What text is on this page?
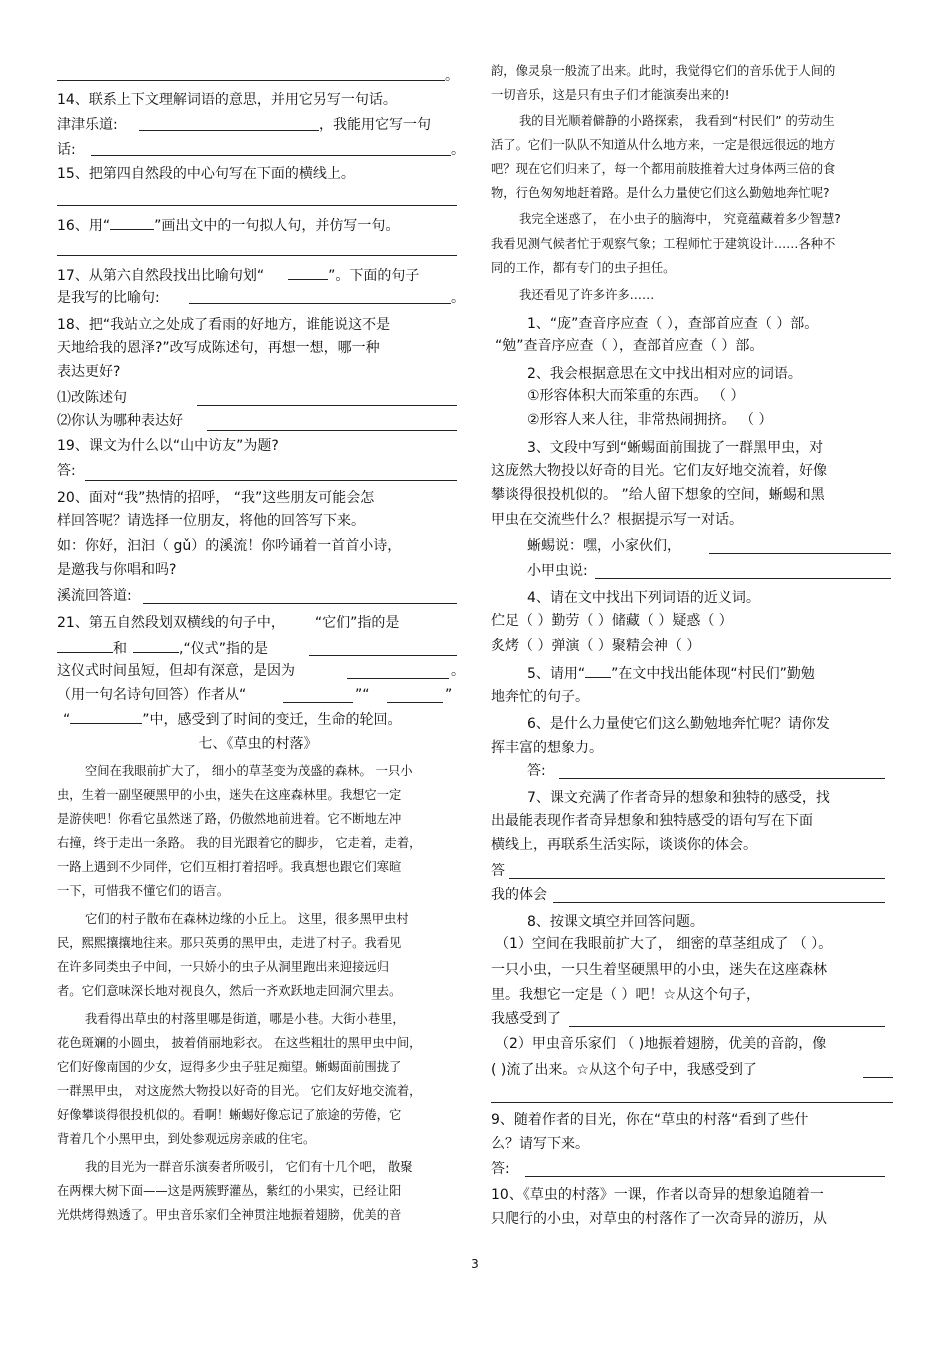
。
14、联系上下文理解词语的意思，并用它另写一句话。
津津乐道:	，我能用它写一句
话:	。
15、把第四自然段的中心句写在下面的横线上。
16、用“	”画出文中的一句拟人句，并仿写一句。
17、从第六自然段找出比喻句划“	”。下面的句子
是我写的比喻句:	。
18、把“我站立之处成了看雨的好地方，谁能说这不是
天地给我的恩泽?”改写成陈述句，再想一想，哪一种
表达更好?
⑴改陈述句
⑵你认为哪种表达好
19、课文为什么以“山中访友”为题?
答:
20、面对“我”热情的招呼， “我”这些朋友可能会怎
样回答呢？请选择一位朋友，将他的回答写下来。
如：你好，汩汩（ gǔ）的溪流！你吟诵着一首首小诗，
是邀我与你唱和吗?
溪流回答道:
21、第五自然段划双横线的句子中， “它们”指的是
和	,“仪式”指的是
这仪式时间虽短，但却有深意，是因为	。
（用一句名诗句回答）作者从“	”“	”
“	”中，感受到了时间的变迁，生命的轮回。
七、《草虫的村落》
空间在我眼前扩大了， 细小的草茎变为茂盛的森林。 一只小
虫，生着一副坚硬黑甲的小虫，迷失在这座森林里。我想它一定
是游侠吧！你看它虽然迷了路，仍傲然地前进着。它不断地左冲
右撞，终于走出一条路。 我的目光跟着它的脚步， 它走着，走着，
一路上遇到不少同伴，它们互相打着招呼。我真想也跟它们寒暄
一下，可惜我不懂它们的语言。
它们的村子散布在森林边缘的小丘上。 这里，很多黑甲虫村
民，熙熙攘攘地往来。那只英勇的黑甲虫，走进了村子。我看见
在许多同类虫子中间，一只娇小的虫子从洞里跑出来迎接远归
者。它们意味深长地对视良久，然后一齐欢跃地走回洞穴里去。
我看得出草虫的村落里哪是街道，哪是小巷。大街小巷里，
花色斑斓的小圆虫， 披着俏丽地彩衣。 在这些粗壮的黑甲虫中间，
它们好像南国的少女，逗得多少虫子驻足痴望。蜥蜴面前围拢了
一群黑甲虫， 对这庞然大物投以好奇的目光。 它们友好地交流着，
好像攀谈得很投机似的。看啊！蜥蜴好像忘记了旅途的劳倦，它
背着几个小黑甲虫，到处参观远房亲戚的住宅。
我的目光为一群音乐演奏者所吸引， 它们有十几个吧， 散聚
在两棵大树下面——这是两簇野灌丛，紫红的小果实，已经让阳
光烘烤得熟透了。甲虫音乐家们全神贯注地振着翅膀，优美的音
韵，像灵泉一般流了出来。此时，我觉得它们的音乐优于人间的
一切音乐，这是只有虫子们才能演奏出来的!
我的目光顺着僻静的小路探索， 我看到“村民们” 的劳动生
活了。它们一队队不知道从什么地方来，一定是很远很远的地方
吧？现在它们归来了，每一个都用前肢推着大过身体两三倍的食
物，行色匆匆地赶着路。是什么力量使它们这么勤勉地奔忙呢?
我完全迷惑了， 在小虫子的脑海中， 究竟蕴藏着多少智慧?
我看见测气候者忙于观察气象；工程师忙于建筑设计……各种不
同的工作，都有专门的虫子担任。
我还看见了许多许多……
1、“庞”查音序应查（ ），查部首应查（ ）部。
“勉”查音序应查（ ），查部首应查（ ）部。
2、我会根据意思在文中找出相对应的词语。
①形容体积大而笨重的东西。 （ ）
②形容人来人往，非常热闹拥挤。 （ ）
3、文段中写到“蜥蜴面前围拢了一群黑甲虫，对
这庞然大物投以好奇的目光。它们友好地交流着，好像
攀谈得很投机似的。 ”给人留下想象的空间，蜥蜴和黑
甲虫在交流些什么？根据提示写一对话。
蜥蜴说：嘿，小家伙们，
小甲虫说:
4、请在文中找出下列词语的近义词。
伫足（ ）勤劳（ ）储藏（ ）疑惑（ ）
炙烤（ ）弹演（ ）聚精会神（ ）
5、请用“ ”在文中找出能体现“村民们”勤勉
地奔忙的句子。
6、是什么力量使它们这么勤勉地奔忙呢？请你发
挥丰富的想象力。
答:
7、课文充满了作者奇异的想象和独特的感受，找
出最能表现作者奇异想象和独特感受的语句写在下面
横线上，再联系生活实际，谈谈你的体会。
答
我的体会
8、按课文填空并回答问题。
（1）空间在我眼前扩大了， 细密的草茎组成了 （ ）。
一只小虫，一只生着坚硬黑甲的小虫，迷失在这座森林
里。我想它一定是（ ）吧！☆从这个句子，
我感受到了
（2）甲虫音乐家们 （ )地振着翅膀，优美的音韵，像
( )流了出来。☆从这个句子中，我感受到了
9、随着作者的目光，你在“草虫的村落“看到了些什
么？请写下来。
答:
10、《草虫的村落》一课，作者以奇异的想象追随着一
只爬行的小虫，对草虫的村落作了一次奇异的游历，从
3
